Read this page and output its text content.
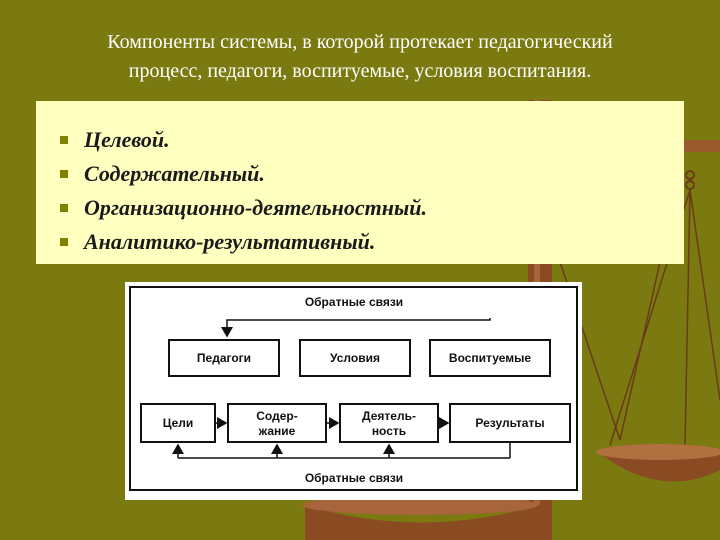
Компоненты системы, в которой протекает педагогический
процесс, педагоги, воспитуемые, условия воспитания.
Целевой.
Содержательный.
Организационно-деятельностный.
Аналитико-результативный.
Обратные связи
Педагоги	Условия	Воспитуемые
Цели	Содер-
жание
Деятель-
ность
Результаты
Обратные связи
